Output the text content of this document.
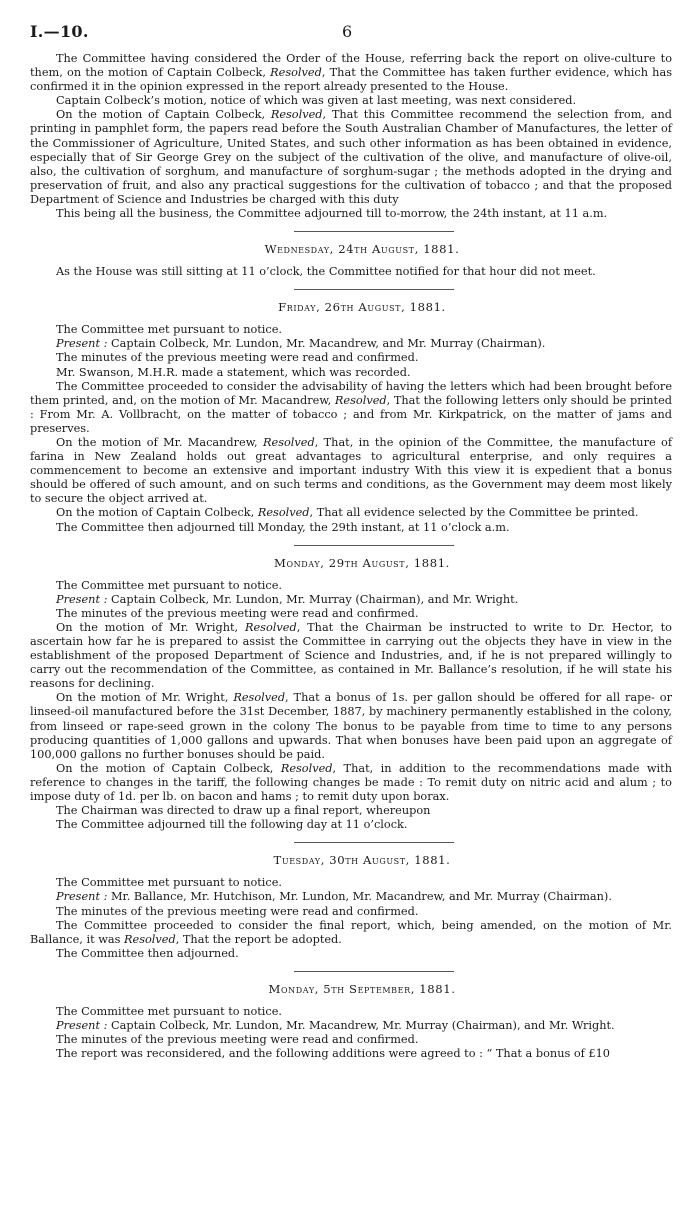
I.—10.	6

The Committee having considered the Order of the House, referring back the report on olive-culture to them, on the motion of Captain Colbeck, Resolved, That the Committee has taken further evidence, which has confirmed it in the opinion expressed in the report already presented to the House.

Captain Colbeck’s motion, notice of which was given at last meeting, was next considered.

On the motion of Captain Colbeck, Resolved, That this Committee recommend the selection from, and printing in pamphlet form, the papers read before the South Australian Chamber of Manufactures, the letter of the Commissioner of Agriculture, United States, and such other information as has been obtained in evidence, especially that of Sir George Grey on the subject of the cultivation of the olive, and manufacture of olive-oil, also, the cultivation of sorghum, and manufacture of sorghum-sugar ; the methods adopted in the drying and preservation of fruit, and also any practical suggestions for the cultivation of tobacco ; and that the proposed Department of Science and Industries be charged with this duty

This being all the business, the Committee adjourned till to-morrow, the 24th instant, at 11 a.m.

Wednesday, 24th August, 1881.

As the House was still sitting at 11 o’clock, the Committee notified for that hour did not meet.

Friday, 26th August, 1881.

The Committee met pursuant to notice.

Present : Captain Colbeck, Mr. Lundon, Mr. Macandrew, and Mr. Murray (Chairman).

The minutes of the previous meeting were read and confirmed.

Mr. Swanson, M.H.R. made a statement, which was recorded.

The Committee proceeded to consider the advisability of having the letters which had been brought before them printed, and, on the motion of Mr. Macandrew, Resolved, That the following letters only should be printed : From Mr. A. Vollbracht, on the matter of tobacco ; and from Mr. Kirkpatrick, on the matter of jams and preserves.

On the motion of Mr. Macandrew, Resolved, That, in the opinion of the Committee, the manufacture of farina in New Zealand holds out great advantages to agricultural enterprise, and only requires a commencement to become an extensive and important industry With this view it is expedient that a bonus should be offered of such amount, and on such terms and conditions, as the Government may deem most likely to secure the object arrived at.

On the motion of Captain Colbeck, Resolved, That all evidence selected by the Committee be printed.

The Committee then adjourned till Monday, the 29th instant, at 11 o’clock a.m.

Monday, 29th August, 1881.

The Committee met pursuant to notice.

Present : Captain Colbeck, Mr. Lundon, Mr. Murray (Chairman), and Mr. Wright.

The minutes of the previous meeting were read and confirmed.

On the motion of Mr. Wright, Resolved, That the Chairman be instructed to write to Dr. Hector, to ascertain how far he is prepared to assist the Committee in carrying out the objects they have in view in the establishment of the proposed Department of Science and Industries, and, if he is not prepared willingly to carry out the recommendation of the Committee, as contained in Mr. Ballance’s resolution, if he will state his reasons for declining.

On the motion of Mr. Wright, Resolved, That a bonus of 1s. per gallon should be offered for all rape- or linseed-oil manufactured before the 31st December, 1887, by machinery permanently established in the colony, from linseed or rape-seed grown in the colony The bonus to be payable from time to time to any persons producing quantities of 1,000 gallons and upwards. That when bonuses have been paid upon an aggregate of 100,000 gallons no further bonuses should be paid.

On the motion of Captain Colbeck, Resolved, That, in addition to the recommendations made with reference to changes in the tariff, the following changes be made : To remit duty on nitric acid and alum ; to impose duty of 1d. per lb. on bacon and hams ; to remit duty upon borax.

The Chairman was directed to draw up a final report, whereupon

The Committee adjourned till the following day at 11 o’clock.

Tuesday, 30th August, 1881.

The Committee met pursuant to notice.

Present : Mr. Ballance, Mr. Hutchison, Mr. Lundon, Mr. Macandrew, and Mr. Murray (Chairman).

The minutes of the previous meeting were read and confirmed.

The Committee proceeded to consider the final report, which, being amended, on the motion of Mr. Ballance, it was Resolved, That the report be adopted.

The Committee then adjourned.

Monday, 5th September, 1881.

The Committee met pursuant to notice.

Present : Captain Colbeck, Mr. Lundon, Mr. Macandrew, Mr. Murray (Chairman), and Mr. Wright.

The minutes of the previous meeting were read and confirmed.

The report was reconsidered, and the following additions were agreed to : “ That a bonus of £10
